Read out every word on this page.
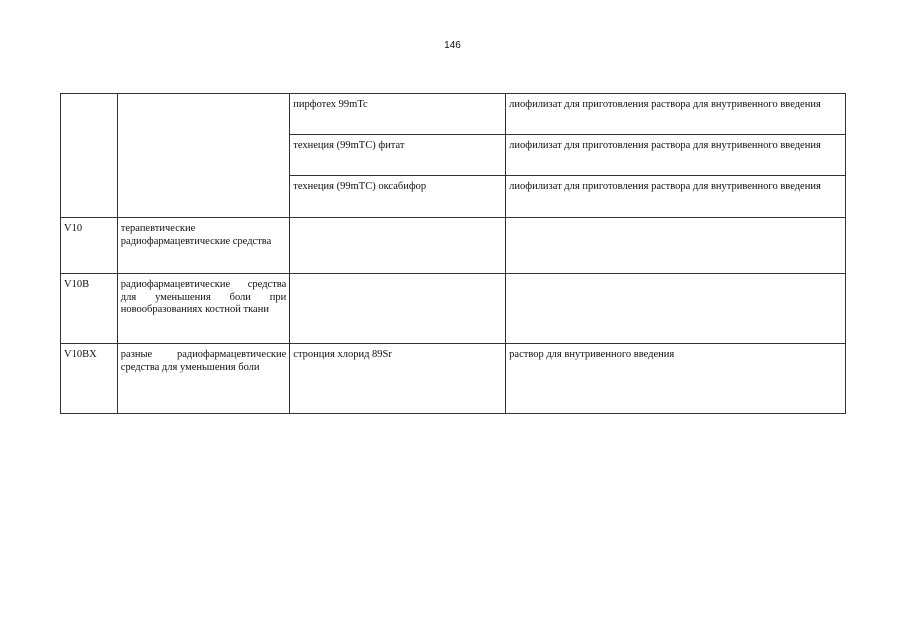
146
		пирфотех 99mTc	лиофилизат для приготовления раствора для внутривенного введения
		технеция (99mTC) фитат	лиофилизат для приготовления раствора для внутривенного введения
		технеция (99mTC) оксабифор	лиофилизат для приготовления раствора для внутривенного введения
V10	терапевтические радиофармацевтические средства		
V10B	радиофармацевтические средства для уменьшения боли при новообразованиях костной ткани		
V10BX	разные радиофармацевтические средства для уменьшения боли	стронция хлорид 89Sr	раствор для внутривенного введения
